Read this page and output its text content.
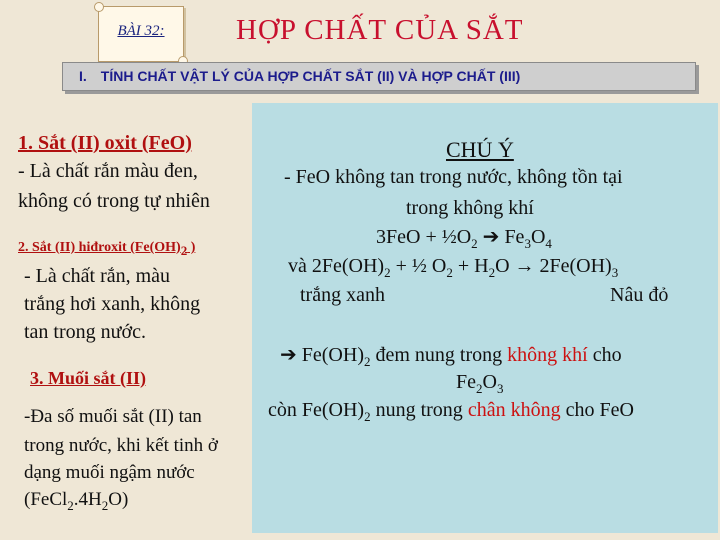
BÀI 32:	HỢP CHẤT CỦA SẮT
I. TÍNH CHẤT VẬT LÝ CỦA HỢP CHẤT SẮT (II) VÀ HỢP CHẤT (III)
1. Sắt (II) oxit (FeO)
- Là chất rắn màu đen,
không có trong tự nhiên
2. Sắt (II) hiđroxit ($Fe(OH)_2$ )
- Là chất rắn, màu
trắng hơi xanh, không
tan trong nước.
3. Muối sắt (II)
-Đa số muối sắt (II) tan
trong nước, khi kết tinh ở
dạng muối ngậm nước
$(FeCl_2.4H_2O)$
CHÚ Ý
- FeO không tan trong nước, không tồn tại
trong không khí
$3FeO + \frac{1}{2}O_2$ ➔ $Fe_3O_4$
và $2Fe(OH)_2$ + ½ $O_2 + H_2O \to 2Fe(OH)_3$
trắng xanh	Nâu đỏ
➔ $Fe(OH)_2$ đem nung trong không khí cho
$Fe_2O_3$
còn $Fe(OH)_2$ nung trong chân không cho FeO
